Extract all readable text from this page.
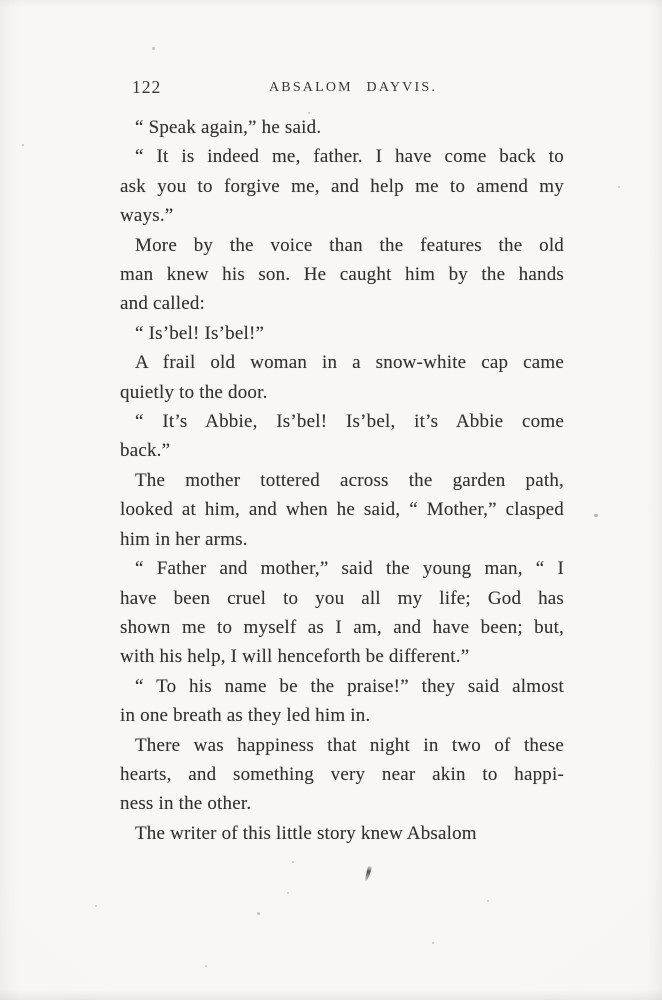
122	ABSALOM DAYVIS.
“ Speak again,” he said.
“ It is indeed me, father. I have come back to
ask you to forgive me, and help me to amend my
ways.”
More by the voice than the features the old
man knew his son. He caught him by the hands
and called:
“ Is’bel! Is’bel!”
A frail old woman in a snow-white cap came
quietly to the door.
“ It’s Abbie, Is’bel! Is’bel, it’s Abbie come
back.”
The mother tottered across the garden path,
looked at him, and when he said, “ Mother,” clasped
him in her arms.
“ Father and mother,” said the young man, “ I
have been cruel to you all my life; God has
shown me to myself as I am, and have been; but,
with his help, I will henceforth be different.”
“ To his name be the praise!” they said almost
in one breath as they led him in.
There was happiness that night in two of these
hearts, and something very near akin to happi-
ness in the other.
The writer of this little story knew Absalom
